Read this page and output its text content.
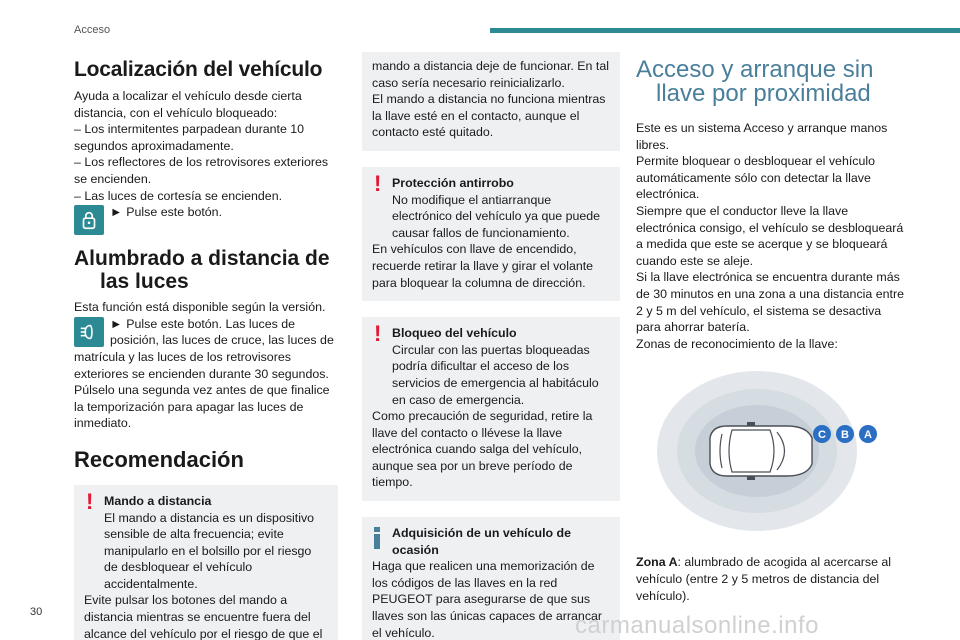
Acceso
Localización del vehículo
Ayuda a localizar el vehículo desde cierta distancia, con el vehículo bloqueado:
– Los intermitentes parpadean durante 10 segundos aproximadamente.
– Los reflectores de los retrovisores exteriores se encienden.
– Las luces de cortesía se encienden.
► Pulse este botón.
Alumbrado a distancia de
las luces
Esta función está disponible según la versión.
► Pulse este botón. Las luces de posición, las luces de cruce, las luces de matrícula y las luces de los retrovisores exteriores se encienden durante 30 segundos.
Púlselo una segunda vez antes de que finalice la temporización para apagar las luces de inmediato.
Recomendación
! Mando a distancia
El mando a distancia es un dispositivo sensible de alta frecuencia; evite manipularlo en el bolsillo por el riesgo de desbloquear el vehículo accidentalmente.
Evite pulsar los botones del mando a distancia mientras se encuentre fuera del alcance del vehículo por el riesgo de que el
mando a distancia deje de funcionar. En tal caso sería necesario reinicializarlo.
El mando a distancia no funciona mientras la llave esté en el contacto, aunque el contacto esté quitado.
! Protección antirrobo
No modifique el antiarranque electrónico del vehículo ya que puede causar fallos de funcionamiento.
En vehículos con llave de encendido, recuerde retirar la llave y girar el volante para bloquear la columna de dirección.
! Bloqueo del vehículo
Circular con las puertas bloqueadas podría dificultar el acceso de los servicios de emergencia al habitáculo en caso de emergencia.
Como precaución de seguridad, retire la llave del contacto o llévese la llave electrónica cuando salga del vehículo, aunque sea por un breve período de tiempo.
Adquisición de un vehículo de ocasión
Haga que realicen una memorización de los códigos de las llaves en la red PEUGEOT para asegurarse de que sus llaves son las únicas capaces de arrancar el vehículo.
Acceso y arranque sin
llave por proximidad
Este es un sistema Acceso y arranque manos libres.
Permite bloquear o desbloquear el vehículo automáticamente sólo con detectar la llave electrónica.
Siempre que el conductor lleve la llave electrónica consigo, el vehículo se desbloqueará a medida que este se acerque y se bloqueará cuando este se aleje.
Si la llave electrónica se encuentra durante más de 30 minutos en una zona a una distancia entre 2 y 5 m del vehículo, el sistema se desactiva para ahorrar batería.
Zonas de reconocimiento de la llave:
C B A
Zona A: alumbrado de acogida al acercarse al vehículo (entre 2 y 5 metros de distancia del vehículo).
30	carmanualsonline.info
